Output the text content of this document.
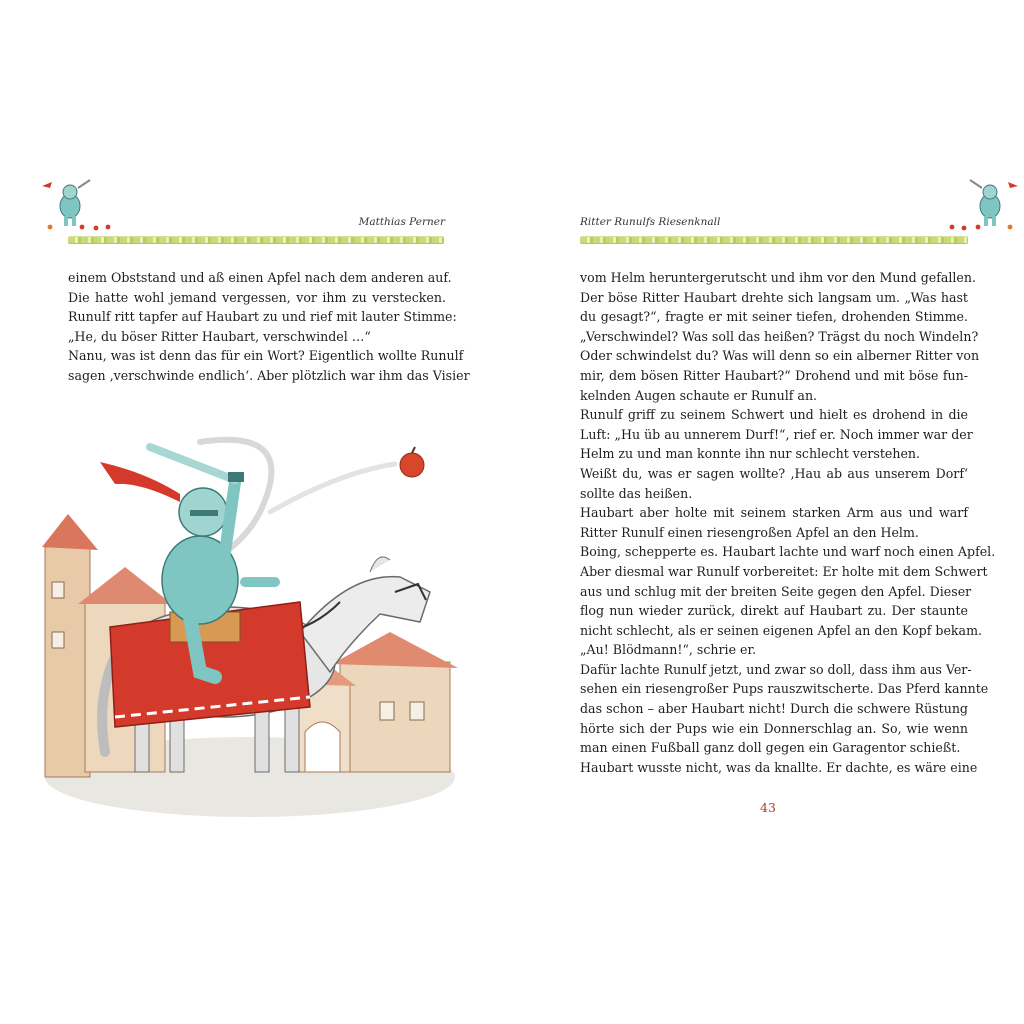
Matthias Perner
einem Obststand und aß einen Apfel nach dem anderen auf.
Die hatte wohl jemand vergessen, vor ihm zu verstecken.
Runulf ritt tapfer auf Haubart zu und rief mit lauter Stimme:
„He, du böser Ritter Haubart, verschwindel …“
Nanu, was ist denn das für ein Wort? Eigentlich wollte Runulf
sagen ‚verschwinde endlich‘. Aber plötzlich war ihm das Visier
Ritter Runulfs Riesenknall
vom Helm heruntergerutscht und ihm vor den Mund gefallen.
Der böse Ritter Haubart drehte sich langsam um. „Was hast
du gesagt?“, fragte er mit seiner tiefen, drohenden Stimme.
„Verschwindel? Was soll das heißen? Trägst du noch Windeln?
Oder schwindelst du? Was will denn so ein alberner Ritter von
mir, dem bösen Ritter Haubart?“ Drohend und mit böse fun-
kelnden Augen schaute er Runulf an.
Runulf griff zu seinem Schwert und hielt es drohend in die
Luft: „Hu üb au unnerem Durf!“, rief er. Noch immer war der
Helm zu und man konnte ihn nur schlecht verstehen.
Weißt du, was er sagen wollte? ‚Hau ab aus unserem Dorf‘
sollte das heißen.
Haubart aber holte mit seinem starken Arm aus und warf
Ritter Runulf einen riesengroßen Apfel an den Helm.
Boing, schepperte es. Haubart lachte und warf noch einen Apfel.
Aber diesmal war Runulf vorbereitet: Er holte mit dem Schwert
aus und schlug mit der breiten Seite gegen den Apfel. Dieser
flog nun wieder zurück, direkt auf Haubart zu. Der staunte
nicht schlecht, als er seinen eigenen Apfel an den Kopf bekam.
„Au! Blödmann!“, schrie er.
Dafür lachte Runulf jetzt, und zwar so doll, dass ihm aus Ver-
sehen ein riesengroßer Pups rauszwitscherte. Das Pferd kannte
das schon – aber Haubart nicht! Durch die schwere Rüstung
hörte sich der Pups wie ein Donnerschlag an. So, wie wenn
man einen Fußball ganz doll gegen ein Garagentor schießt.
Haubart wusste nicht, was da knallte. Er dachte, es wäre eine
43
